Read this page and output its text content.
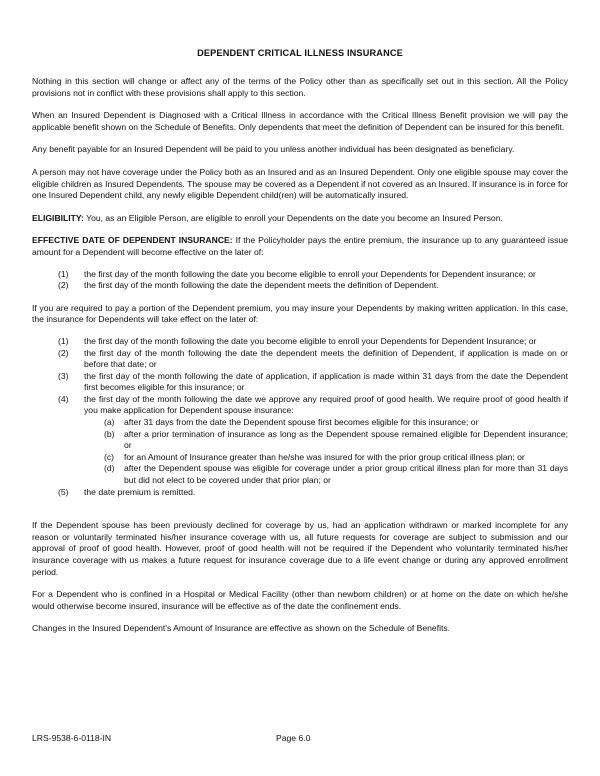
DEPENDENT CRITICAL ILLNESS INSURANCE

Nothing in this section will change or affect any of the terms of the Policy other than as specifically set out in this section. All the Policy provisions not in conflict with these provisions shall apply to this section.

When an Insured Dependent is Diagnosed with a Critical Illness in accordance with the Critical Illness Benefit provision we will pay the applicable benefit shown on the Schedule of Benefits. Only dependents that meet the definition of Dependent can be insured for this benefit.

Any benefit payable for an Insured Dependent will be paid to you unless another individual has been designated as beneficiary.

A person may not have coverage under the Policy both as an Insured and as an Insured Dependent. Only one eligible spouse may cover the eligible children as Insured Dependents. The spouse may be covered as a Dependent if not covered as an Insured. If insurance is in force for one Insured Dependent child, any newly eligible Dependent child(ren) will be automatically insured.

ELIGIBILITY: You, as an Eligible Person, are eligible to enroll your Dependents on the date you become an Insured Person.

EFFECTIVE DATE OF DEPENDENT INSURANCE: If the Policyholder pays the entire premium, the insurance up to any guaranteed issue amount for a Dependent will become effective on the later of:

(1)	the first day of the month following the date you become eligible to enroll your Dependents for Dependent insurance; or
(2)	the first day of the month following the date the dependent meets the definition of Dependent.

If you are required to pay a portion of the Dependent premium, you may insure your Dependents by making written application. In this case, the insurance for Dependents will take effect on the later of:

(1)	the first day of the month following the date you become eligible to enroll your Dependents for Dependent Insurance; or
(2)	the first day of the month following the date the dependent meets the definition of Dependent, if application is made on or before that date; or
(3)	the first day of the month following the date of application, if application is made within 31 days from the date the Dependent first becomes eligible for this insurance; or
(4)	the first day of the month following the date we approve any required proof of good health. We require proof of good health if you make application for Dependent spouse insurance:
(a)	after 31 days from the date the Dependent spouse first becomes eligible for this insurance; or
(b)	after a prior termination of insurance as long as the Dependent spouse remained eligible for Dependent insurance; or
(c)	for an Amount of Insurance greater than he/she was insured for with the prior group critical illness plan; or
(d)	after the Dependent spouse was eligible for coverage under a prior group critical illness plan for more than 31 days but did not elect to be covered under that prior plan; or
(5)	the date premium is remitted.

If the Dependent spouse has been previously declined for coverage by us, had an application withdrawn or marked incomplete for any reason or voluntarily terminated his/her insurance coverage with us, all future requests for coverage are subject to submission and our approval of proof of good health. However, proof of good health will not be required if the Dependent who voluntarily terminated his/her insurance coverage with us makes a future request for insurance coverage due to a life event change or during any approved enrollment period.

For a Dependent who is confined in a Hospital or Medical Facility (other than newborn children) or at home on the date on which he/she would otherwise become insured, insurance will be effective as of the date the confinement ends.

Changes in the Insured Dependent's Amount of Insurance are effective as shown on the Schedule of Benefits.

LRS-9538-6-0118-IN	Page 6.0
